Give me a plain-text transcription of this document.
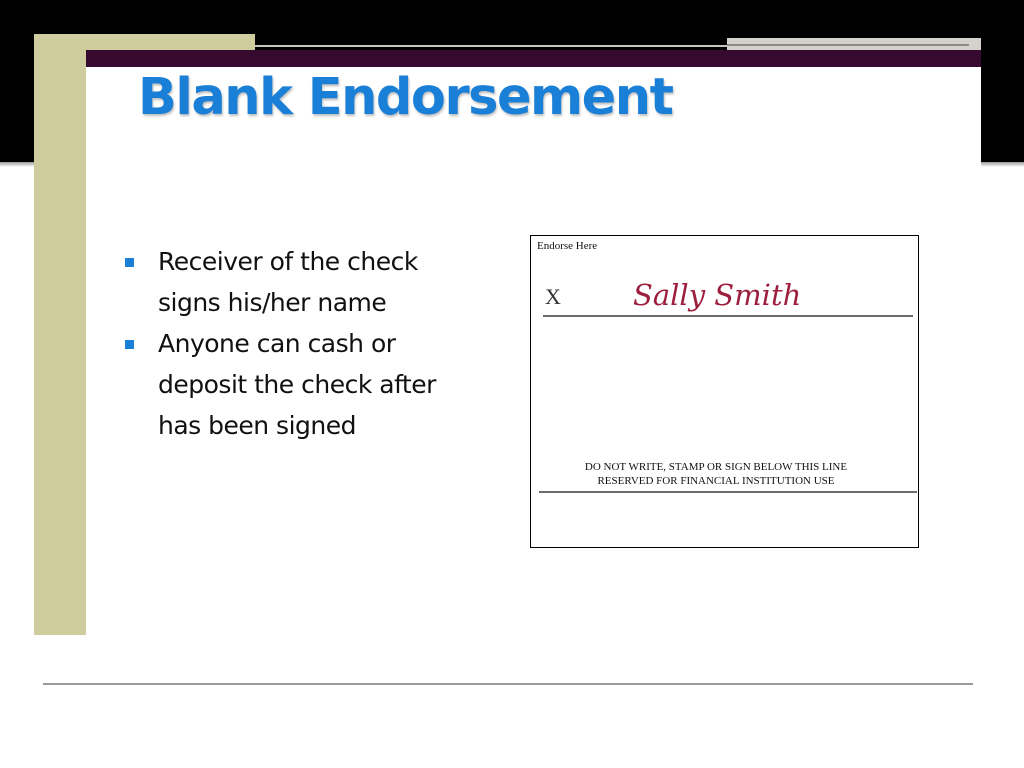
Blank Endorsement
Receiver of the check signs his/her name
Anyone can cash or deposit the check after has been signed
Endorse Here
X Sally Smith
DO NOT WRITE, STAMP OR SIGN BELOW THIS LINE
RESERVED FOR FINANCIAL INSTITUTION USE
